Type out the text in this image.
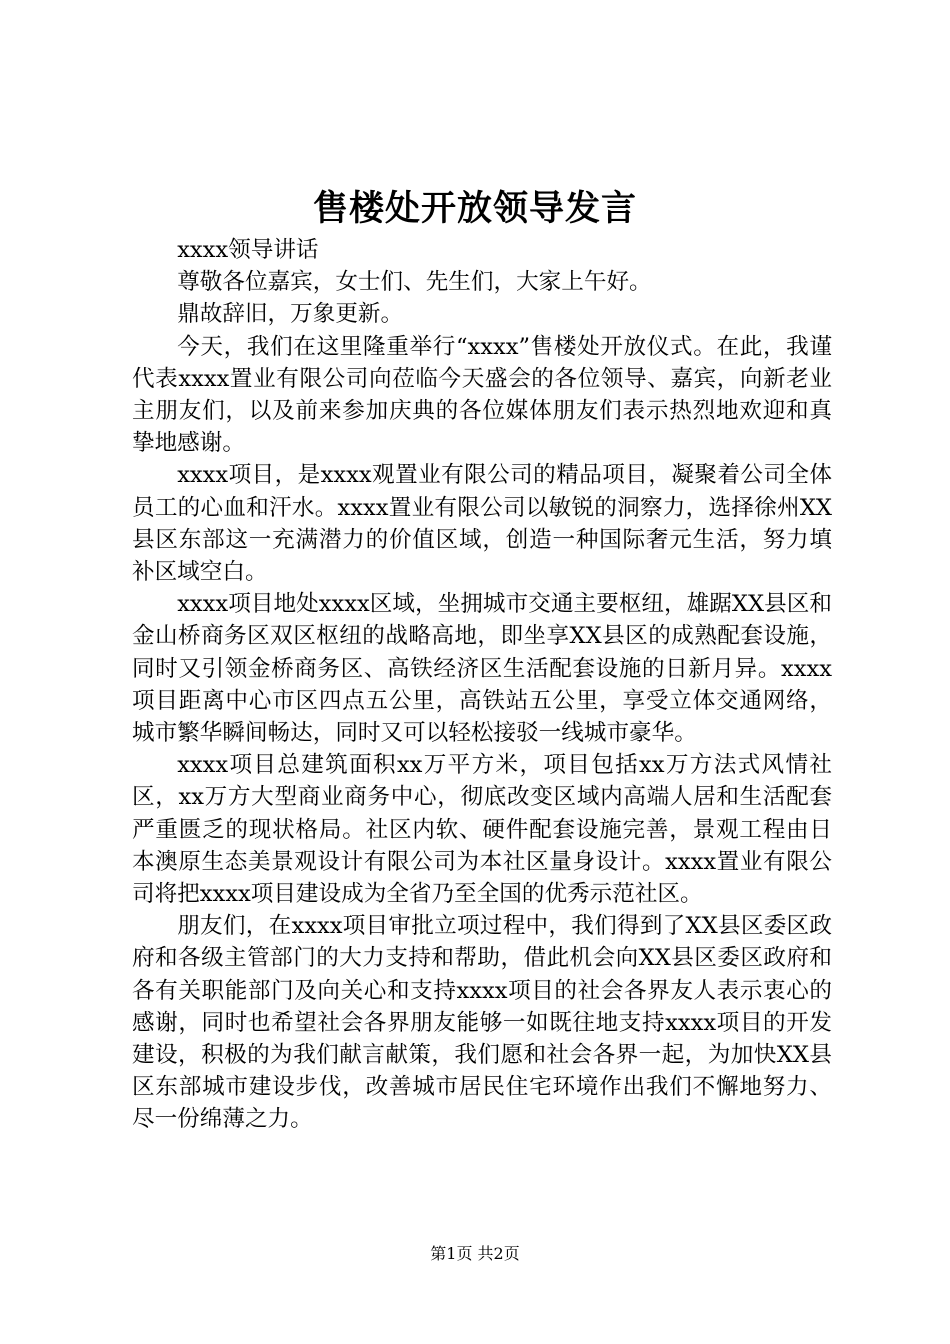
售楼处开放领导发言

xxxx领导讲话

尊敬各位嘉宾，女士们、先生们，大家上午好。

鼎故辞旧，万象更新。

今天，我们在这里隆重举行“xxxx”售楼处开放仪式。在此，我谨代表xxxx置业有限公司向莅临今天盛会的各位领导、嘉宾，向新老业主朋友们，以及前来参加庆典的各位媒体朋友们表示热烈地欢迎和真挚地感谢。

xxxx项目，是xxxx观置业有限公司的精品项目，凝聚着公司全体员工的心血和汗水。xxxx置业有限公司以敏锐的洞察力，选择徐州XX县区东部这一充满潜力的价值区域，创造一种国际奢元生活，努力填补区域空白。

xxxx项目地处xxxx区域，坐拥城市交通主要枢纽，雄踞XX县区和金山桥商务区双区枢纽的战略高地，即坐享XX县区的成熟配套设施，同时又引领金桥商务区、高铁经济区生活配套设施的日新月异。xxxx项目距离中心市区四点五公里，高铁站五公里，享受立体交通网络，城市繁华瞬间畅达，同时又可以轻松接驳一线城市豪华。

xxxx项目总建筑面积xx万平方米，项目包括xx万方法式风情社区，xx万方大型商业商务中心，彻底改变区域内高端人居和生活配套严重匮乏的现状格局。社区内软、硬件配套设施完善，景观工程由日本澳原生态美景观设计有限公司为本社区量身设计。xxxx置业有限公司将把xxxx项目建设成为全省乃至全国的优秀示范社区。

朋友们，在xxxx项目审批立项过程中，我们得到了XX县区委区政府和各级主管部门的大力支持和帮助，借此机会向XX县区委区政府和各有关职能部门及向关心和支持xxxx项目的社会各界友人表示衷心的感谢，同时也希望社会各界朋友能够一如既往地支持xxxx项目的开发建设，积极的为我们献言献策，我们愿和社会各界一起，为加快XX县区东部城市建设步伐，改善城市居民住宅环境作出我们不懈地努力、尽一份绵薄之力。

第1页 共2页
